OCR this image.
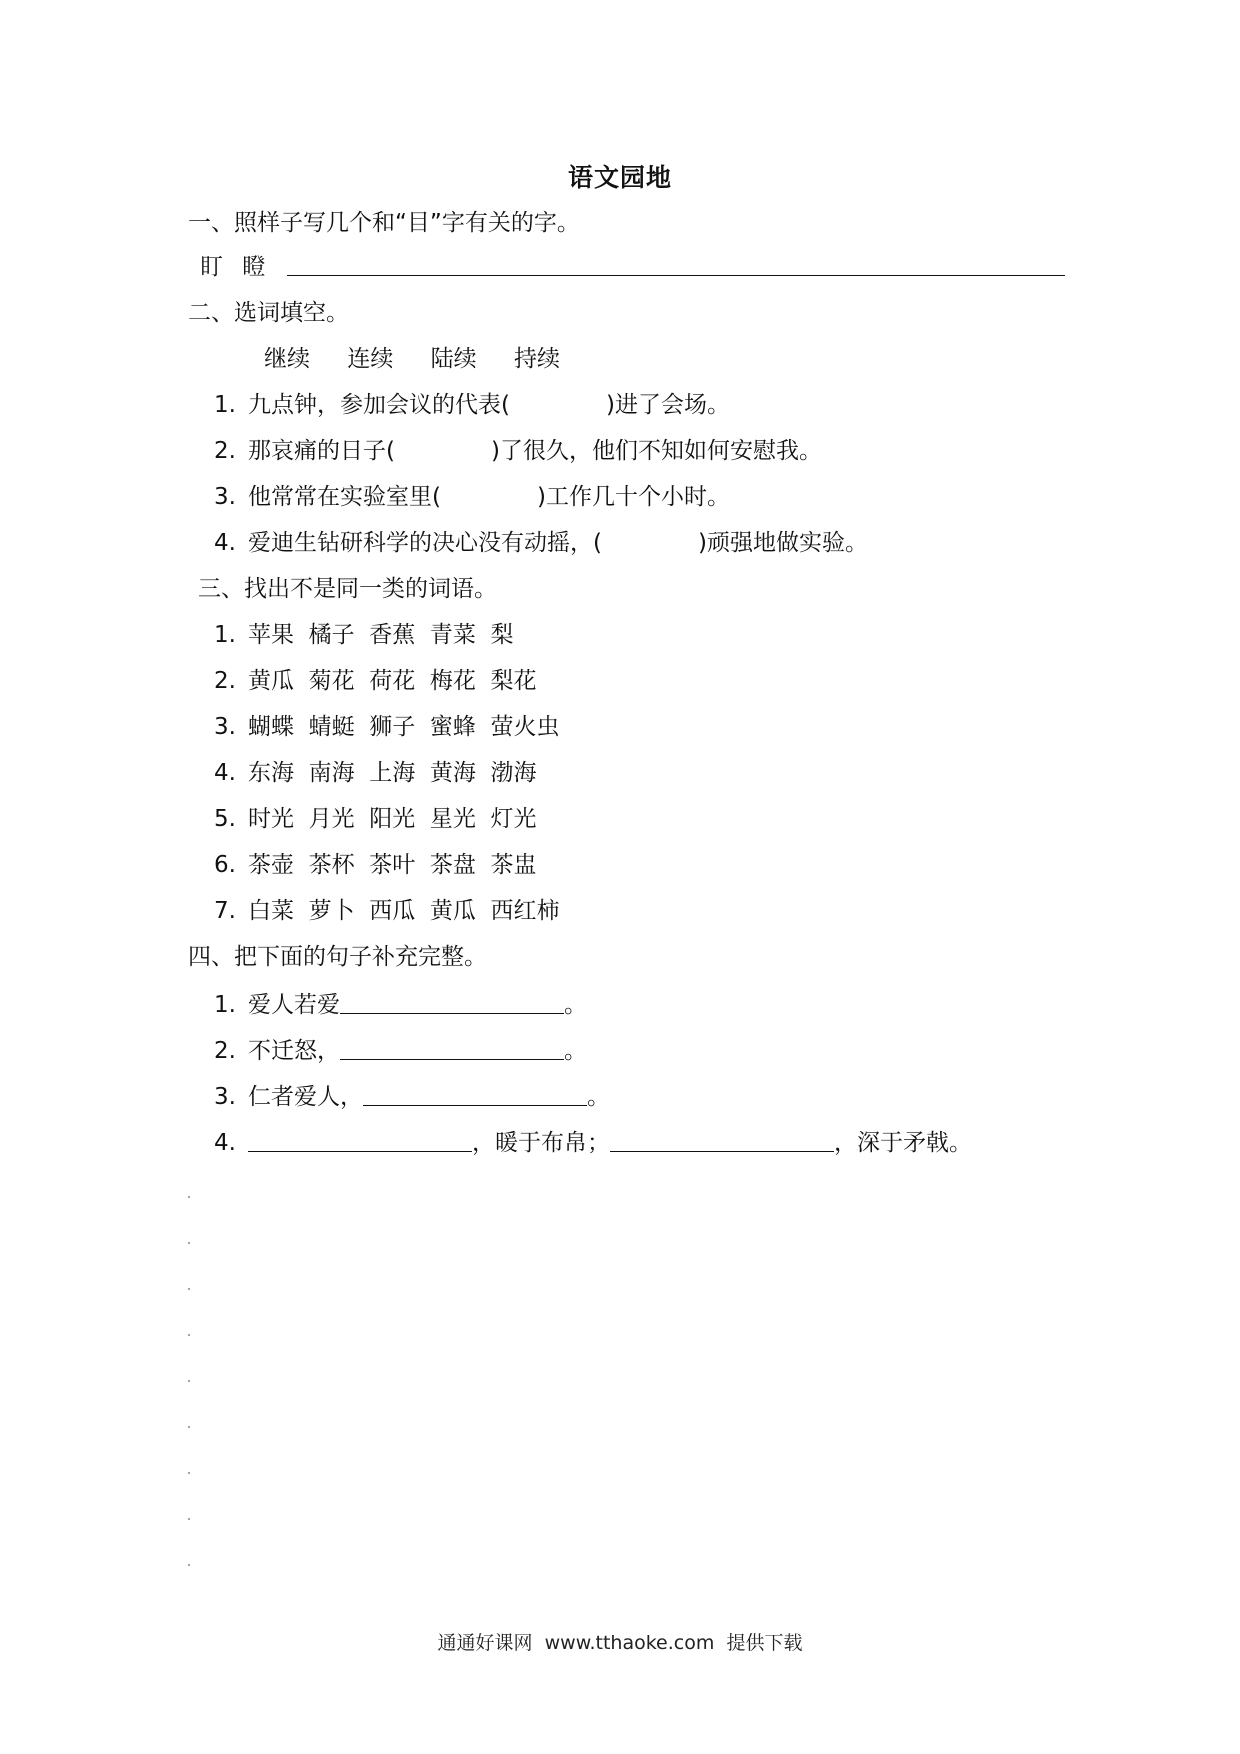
语文园地
一、照样子写几个和“目”字有关的字。
盯 瞪
二、选词填空。
继续 连续 陆续 持续
1. 九点钟，参加会议的代表(	)进了会场。
2. 那哀痛的日子(	)了很久，他们不知如何安慰我。
3. 他常常在实验室里(	)工作几十个小时。
4. 爱迪生钻研科学的决心没有动摇，(	)顽强地做实验。
三、找出不是同一类的词语。
1. 苹果  橘子  香蕉  青菜  梨
2. 黄瓜  菊花  荷花  梅花  梨花
3. 蝴蝶  蜻蜓  狮子  蜜蜂  萤火虫
4. 东海  南海  上海  黄海  渤海
5. 时光  月光  阳光  星光  灯光
6. 茶壶  茶杯  茶叶  茶盘  茶盅
7. 白菜  萝卜  西瓜  黄瓜  西红柿
四、把下面的句子补充完整。
1. 爱人若爱	。
2. 不迁怒，	。
3. 仁者爱人，	。
4.	，暖于布帛；	，深于矛戟。
通通好课网  www.tthaoke.com  提供下载
